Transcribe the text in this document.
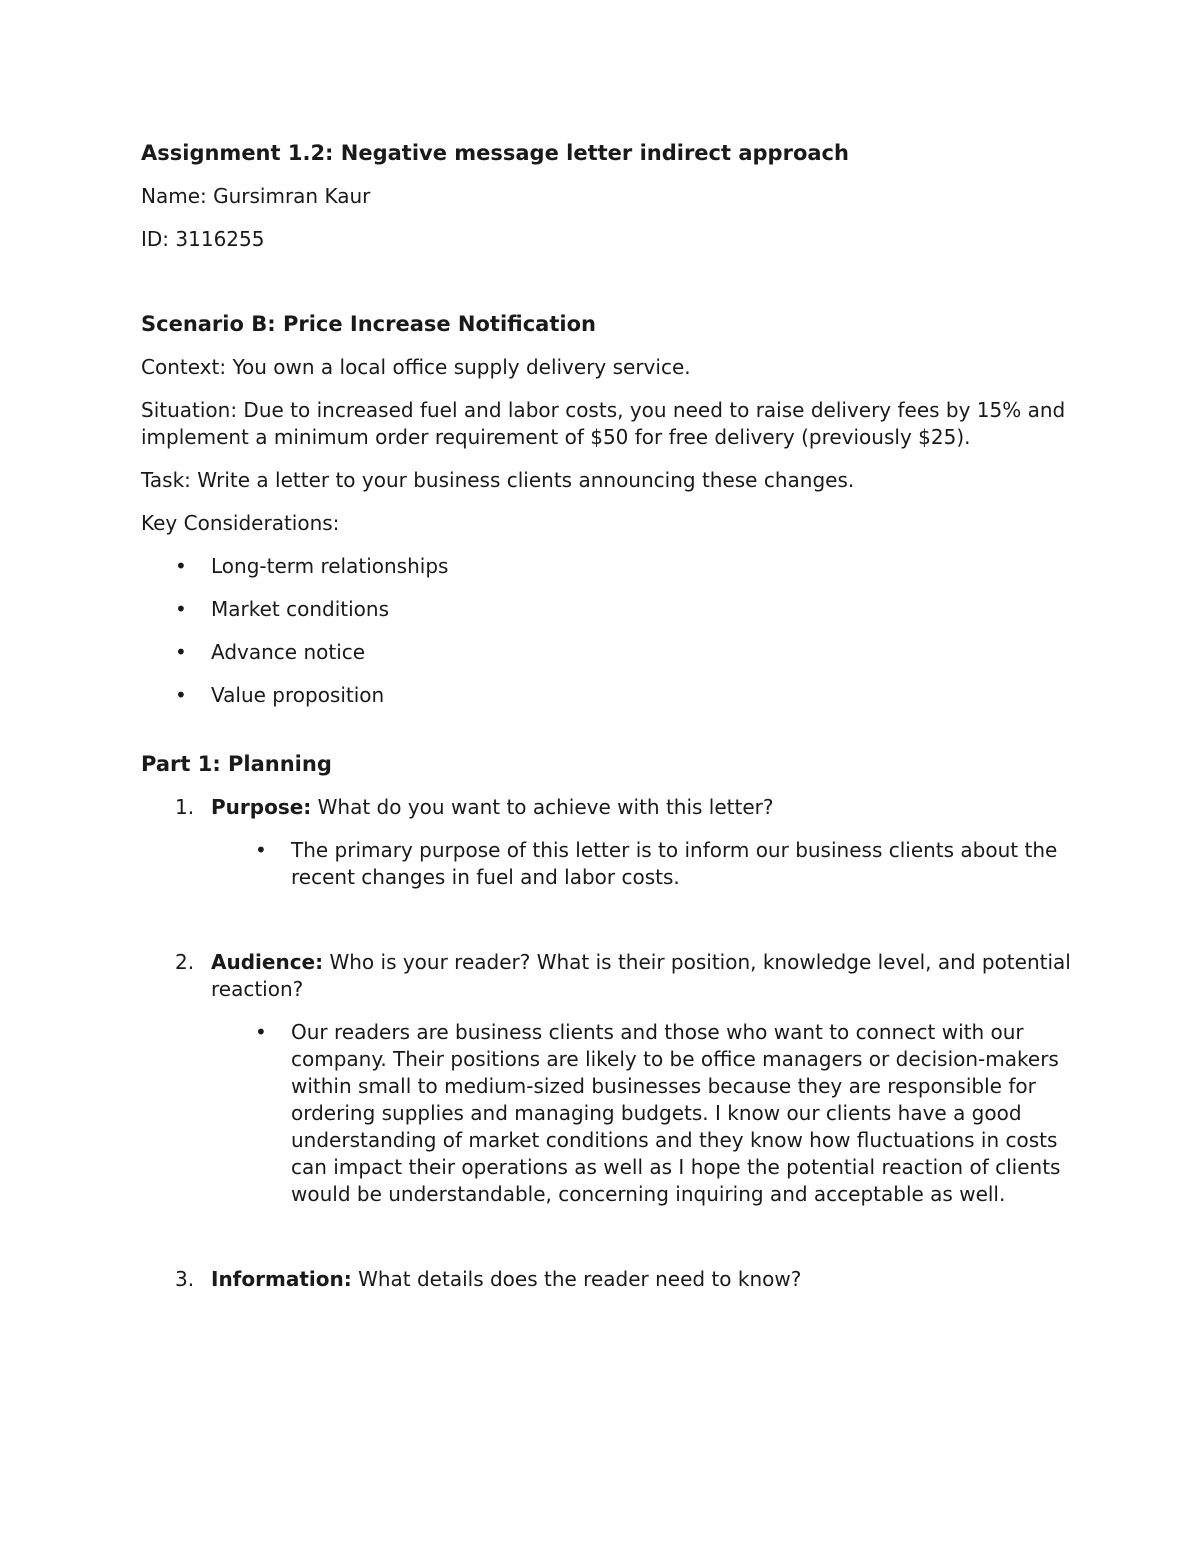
Assignment 1.2: Negative message letter indirect approach
Name: Gursimran Kaur
ID: 3116255
Scenario B: Price Increase Notification
Context: You own a local office supply delivery service.
Situation: Due to increased fuel and labor costs, you need to raise delivery fees by 15% and implement a minimum order requirement of $50 for free delivery (previously $25).
Task: Write a letter to your business clients announcing these changes.
Key Considerations:
• Long-term relationships
• Market conditions
• Advance notice
• Value proposition
Part 1: Planning
1. Purpose: What do you want to achieve with this letter?
• The primary purpose of this letter is to inform our business clients about the recent changes in fuel and labor costs.
2. Audience: Who is your reader? What is their position, knowledge level, and potential reaction?
• Our readers are business clients and those who want to connect with our company. Their positions are likely to be office managers or decision-makers within small to medium-sized businesses because they are responsible for ordering supplies and managing budgets. I know our clients have a good understanding of market conditions and they know how fluctuations in costs can impact their operations as well as I hope the potential reaction of clients would be understandable, concerning inquiring and acceptable as well.
3. Information: What details does the reader need to know?
